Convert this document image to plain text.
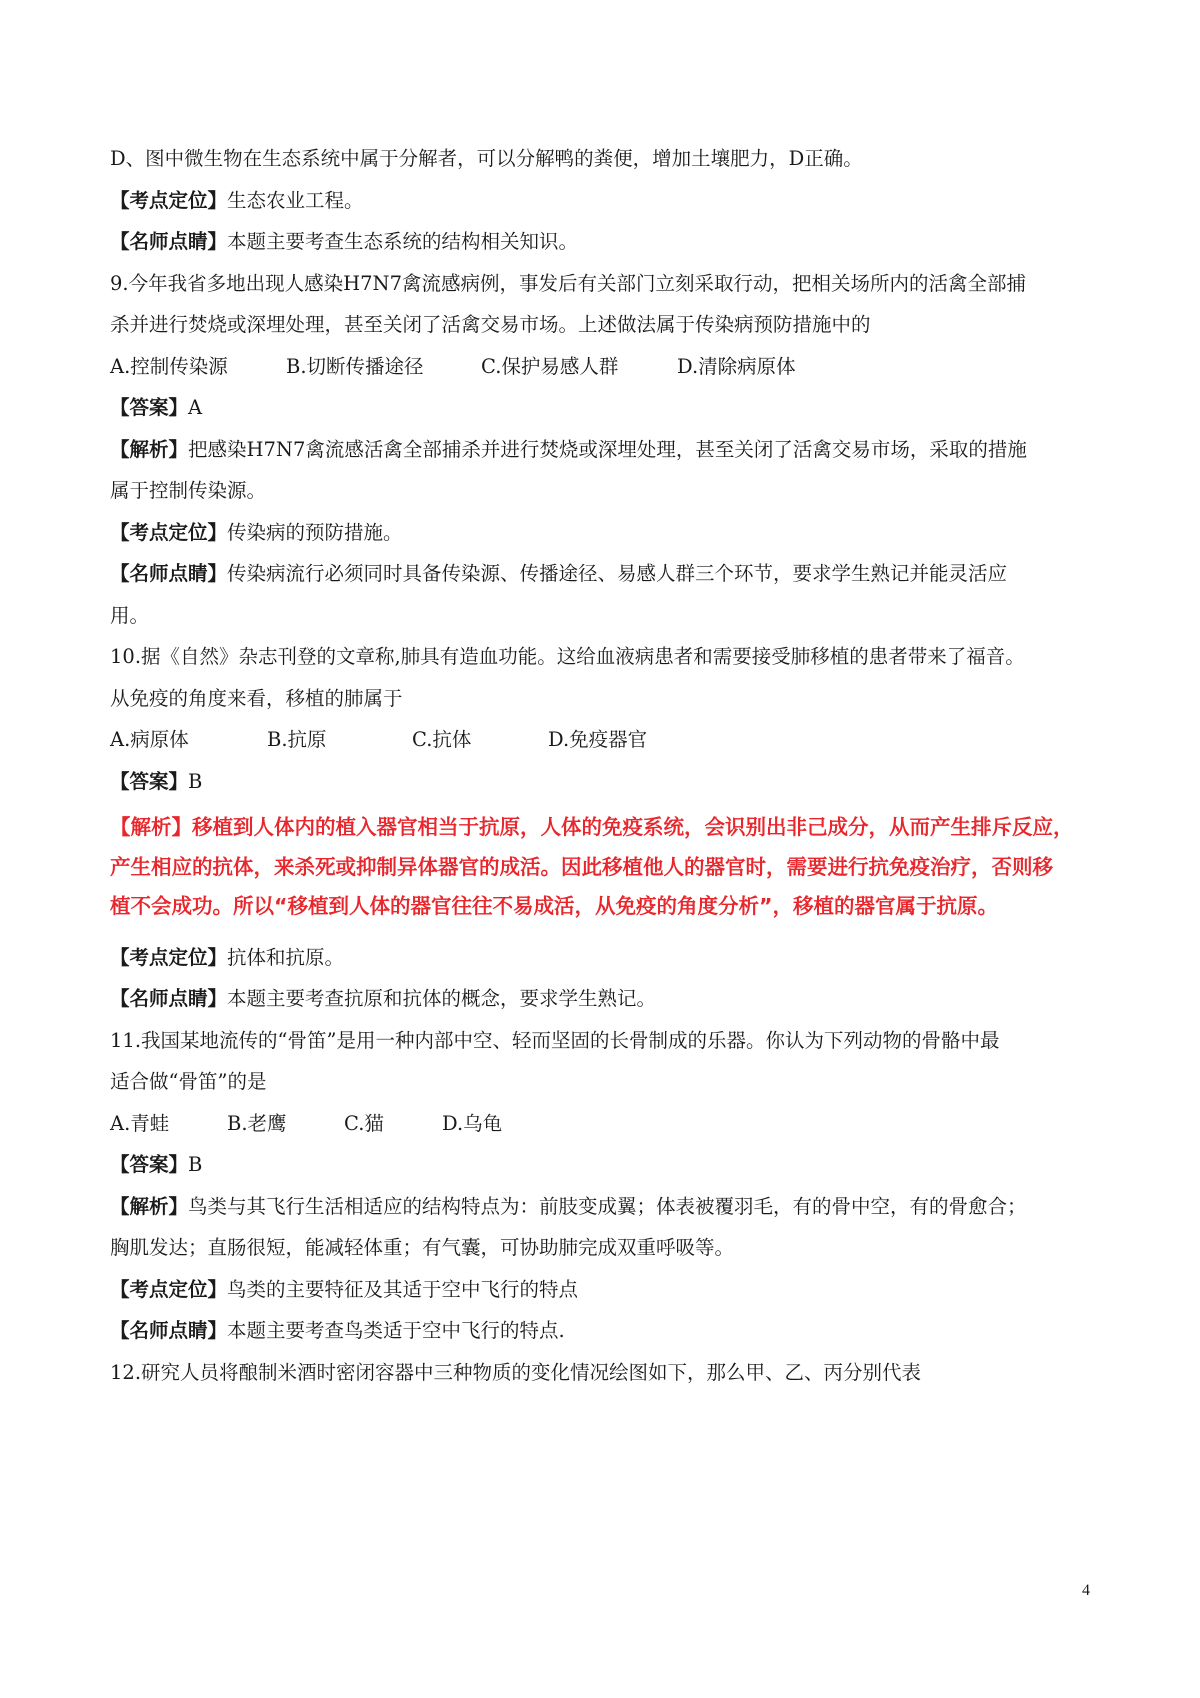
D、图中微生物在生态系统中属于分解者，可以分解鸭的粪便，增加土壤肥力，D正确。
【考点定位】生态农业工程。
【名师点睛】本题主要考查生态系统的结构相关知识。
9.今年我省多地出现人感染H7N7禽流感病例，事发后有关部门立刻采取行动，把相关场所内的活禽全部捕
杀并进行焚烧或深埋处理，甚至关闭了活禽交易市场。上述做法属于传染病预防措施中的
A.控制传染源	B.切断传播途径	C.保护易感人群	D.清除病原体
【答案】A
【解析】把感染H7N7禽流感活禽全部捕杀并进行焚烧或深埋处理，甚至关闭了活禽交易市场，采取的措施
属于控制传染源。
【考点定位】传染病的预防措施。
【名师点睛】传染病流行必须同时具备传染源、传播途径、易感人群三个环节，要求学生熟记并能灵活应
用。
10.据《自然》杂志刊登的文章称,肺具有造血功能。这给血液病患者和需要接受肺移植的患者带来了福音。
从免疫的角度来看，移植的肺属于
A.病原体	B.抗原	C.抗体	D.免疫器官
【答案】B
【解析】移植到人体内的植入器官相当于抗原，人体的免疫系统，会识别出非己成分，从而产生排斥反应，
产生相应的抗体，来杀死或抑制异体器官的成活。因此移植他人的器官时，需要进行抗免疫治疗，否则移
植不会成功。所以“移植到人体的器官往往不易成活，从免疫的角度分析”，移植的器官属于抗原。
【考点定位】抗体和抗原。
【名师点睛】本题主要考查抗原和抗体的概念，要求学生熟记。
11.我国某地流传的“骨笛”是用一种内部中空、轻而坚固的长骨制成的乐器。你认为下列动物的骨骼中最
适合做“骨笛”的是
A.青蛙	B.老鹰	C.猫	D.乌龟
【答案】B
【解析】鸟类与其飞行生活相适应的结构特点为：前肢变成翼；体表被覆羽毛，有的骨中空，有的骨愈合；
胸肌发达；直肠很短，能减轻体重；有气囊，可协助肺完成双重呼吸等。
【考点定位】鸟类的主要特征及其适于空中飞行的特点
【名师点睛】本题主要考查鸟类适于空中飞行的特点.
12.研究人员将酿制米酒时密闭容器中三种物质的变化情况绘图如下，那么甲、乙、丙分别代表
4
